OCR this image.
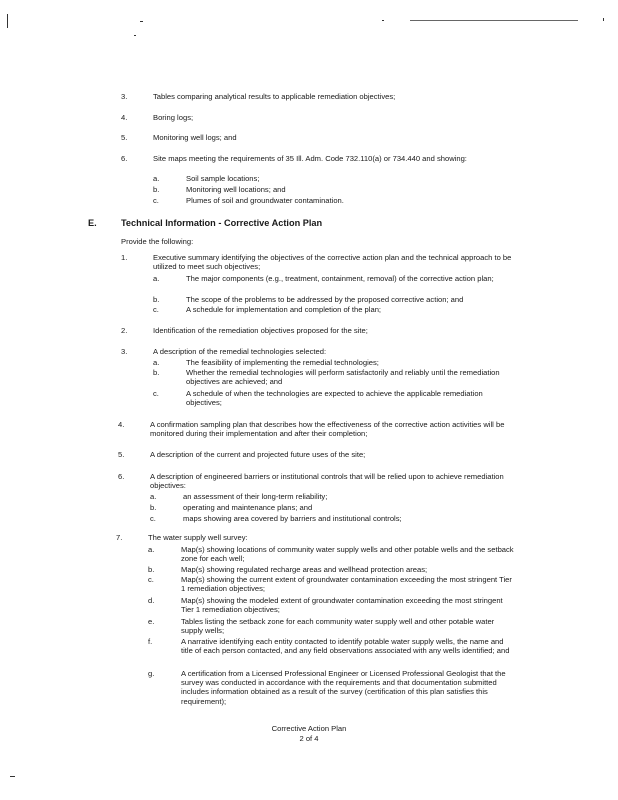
3.	Tables comparing analytical results to applicable remediation objectives;
4.	Boring logs;
5.	Monitoring well logs; and
6.	Site maps meeting the requirements of 35 Ill. Adm. Code 732.110(a) or 734.440 and showing:
a.	Soil sample locations;
b.	Monitoring well locations; and
c.	Plumes of soil and groundwater contamination.
E.	Technical Information - Corrective Action Plan
Provide the following:
1.	Executive summary identifying the objectives of the corrective action plan and the technical approach to be utilized to meet such objectives;
a.	The major components (e.g., treatment, containment, removal) of the corrective action plan;
b.	The scope of the problems to be addressed by the proposed corrective action; and
c.	A schedule for implementation and completion of the plan;
2.	Identification of the remediation objectives proposed for the site;
3.	A description of the remedial technologies selected:
a.	The feasibility of implementing the remedial technologies;
b.	Whether the remedial technologies will perform satisfactorily and reliably until the remediation objectives are achieved; and
c.	A schedule of when the technologies are expected to achieve the applicable remediation objectives;
4.	A confirmation sampling plan that describes how the effectiveness of the corrective action activities will be monitored during their implementation and after their completion;
5.	A description of the current and projected future uses of the site;
6.	A description of engineered barriers or institutional controls that will be relied upon to achieve remediation objectives:
a.	an assessment of their long-term reliability;
b.	operating and maintenance plans; and
c.	maps showing area covered by barriers and institutional controls;
7.	The water supply well survey:
a.	Map(s) showing locations of community water supply wells and other potable wells and the setback zone for each well;
b.	Map(s) showing regulated recharge areas and wellhead protection areas;
c.	Map(s) showing the current extent of groundwater contamination exceeding the most stringent Tier 1 remediation objectives;
d.	Map(s) showing the modeled extent of groundwater contamination exceeding the most stringent Tier 1 remediation objectives;
e.	Tables listing the setback zone for each community water supply well and other potable water supply wells;
f.	A narrative identifying each entity contacted to identify potable water supply wells, the name and title of each person contacted, and any field observations associated with any wells identified; and
g.	A certification from a Licensed Professional Engineer or Licensed Professional Geologist that the survey was conducted in accordance with the requirements and that documentation submitted includes information obtained as a result of the survey (certification of this plan satisfies this requirement);
Corrective Action Plan
2 of 4
